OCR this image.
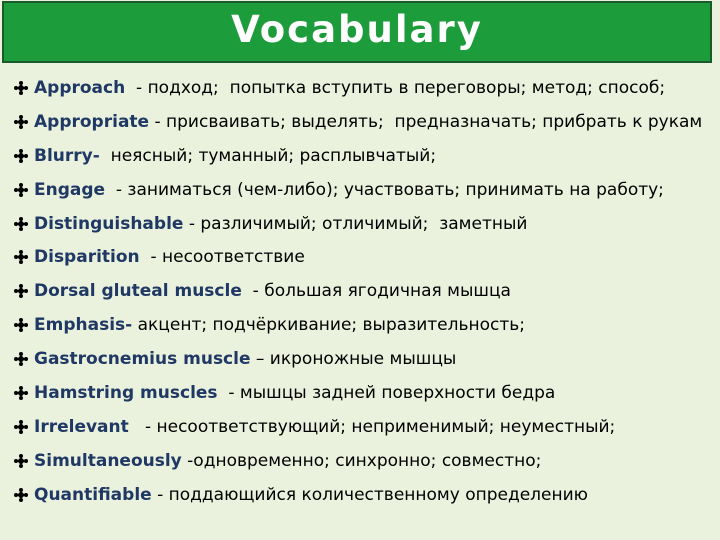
Vocabulary
Approach  - подход;  попытка вступить в переговоры; метод; способ;
Appropriate - присваивать; выделять;  предназначать; прибрать к рукам
Blurry-  неясный; туманный; расплывчатый;
Engage  - заниматься (чем-либо); участвовать; принимать на работу;
Distinguishable - различимый; отличимый;  заметный
Disparition  - несоответствие
Dorsal gluteal muscle  - большая ягодичная мышца
Emphasis- акцент; подчёркивание; выразительность;
Gastrocnemius muscle – икроножные мышцы
Hamstring muscles  - мышцы задней поверхности бедра
Irrelevant   - несоответствующий; неприменимый; неуместный;
Simultaneously -одновременно; синхронно; совместно;
Quantifiable - поддающийся количественному определению
